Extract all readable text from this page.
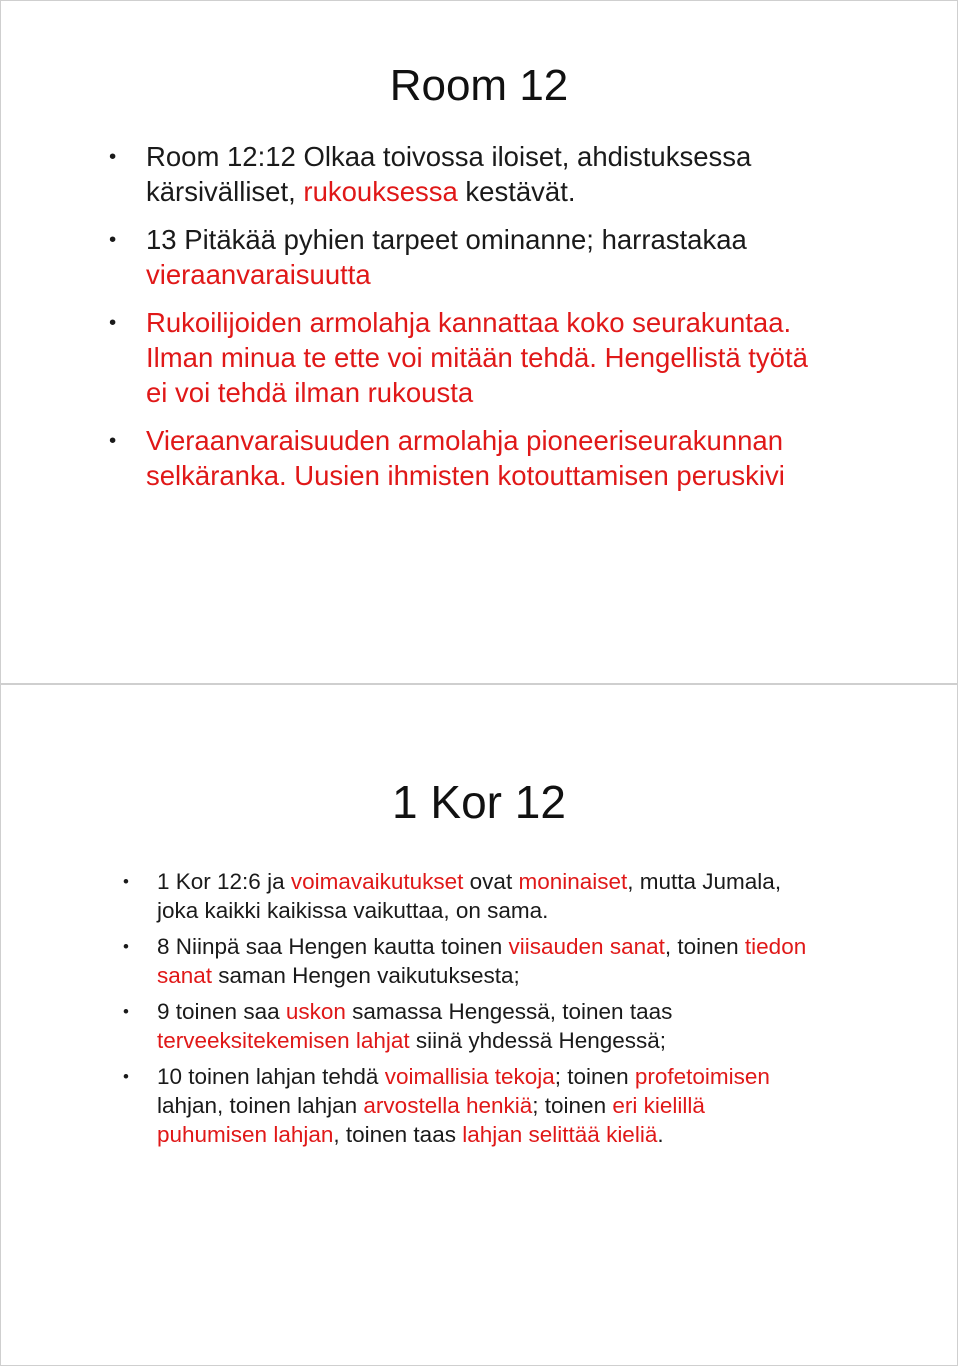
Room 12
• Room 12:12 Olkaa toivossa iloiset, ahdistuksessa kärsivälliset, rukouksessa kestävät.
• 13 Pitäkää pyhien tarpeet ominanne; harrastakaa vieraanvaraisuutta
• Rukoilijoiden armolahja kannattaa koko seurakuntaa. Ilman minua te ette voi mitään tehdä. Hengellistä työtä ei voi tehdä ilman rukousta
• Vieraanvaraisuuden armolahja pioneeriseurakunnan selkäranka. Uusien ihmisten kotouttamisen peruskivi
1 Kor 12
• 1 Kor 12:6 ja voimavaikutukset ovat moninaiset, mutta Jumala, joka kaikki kaikissa vaikuttaa, on sama.
• 8 Niinpä saa Hengen kautta toinen viisauden sanat, toinen tiedon sanat saman Hengen vaikutuksesta;
• 9 toinen saa uskon samassa Hengessä, toinen taas terveeksitekemisen lahjat siinä yhdessä Hengessä;
• 10 toinen lahjan tehdä voimallisia tekoja; toinen profetoimisen lahjan, toinen lahjan arvostella henkiä; toinen eri kielillä puhumisen lahjan, toinen taas lahjan selittää kieliä.
